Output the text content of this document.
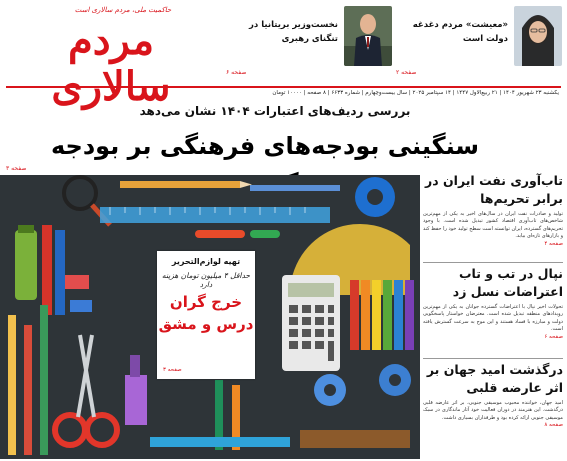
حاکمیت ملی، مردم سالاری است
مردم سالاری
«معیشت» مردم دغدغه دولت است
صفحه ۲
نخست‌وزیر بریتانیا در تنگنای رهبری
صفحه ۶
یکشنبه ۲۳ شهریور ۱۴۰۴ | ۲۱ ربیع‌الاول ۱۴۴۷ | ۱۴ سپتامبر ۲۰۲۵ | سال بیست‌وچهارم | شماره ۶۶۳۳ | ۸ صفحه | ۱۰۰۰۰ تومان
بررسی ردیف‌های اعتبارات ۱۴۰۴ نشان می‌دهد
سنگینی بودجه‌های فرهنگی بر بودجه
صفحه ۳
تهیه لوازم‌التحریر
حداقل ۴ میلیون تومان هزینه دارد
خرج گران درس و مشق
صفحه ۳
تاب‌آوری نفت ایران در برابر تحریم‌ها

تولید و صادرات نفت ایران در سال‌های اخیر به یکی از مهم‌ترین شاخص‌های تاب‌آوری اقتصاد کشور تبدیل شده است. با وجود تحریم‌های گسترده، ایران توانسته است سطح تولید خود را حفظ کند و بازارهای تازه‌ای بیابد.

صفحه ۴
نپال در تب و تاب اعتراضات نسل زد

تحولات اخیر نپال با اعتراضات گسترده جوانان به یکی از مهم‌ترین رویدادهای منطقه تبدیل شده است. معترضان خواستار پاسخگویی دولت و مبارزه با فساد هستند و این موج به سرعت گسترش یافته است.

صفحه ۶
درگذشت امید جهان بر اثر عارضه قلبی

امید جهان، خواننده محبوب موسیقی جنوبی، بر اثر عارضه قلبی درگذشت. این هنرمند در دوران فعالیت خود آثار ماندگاری در سبک موسیقی جنوبی ارائه کرده بود و طرفداران بسیاری داشت.

صفحه ۸
